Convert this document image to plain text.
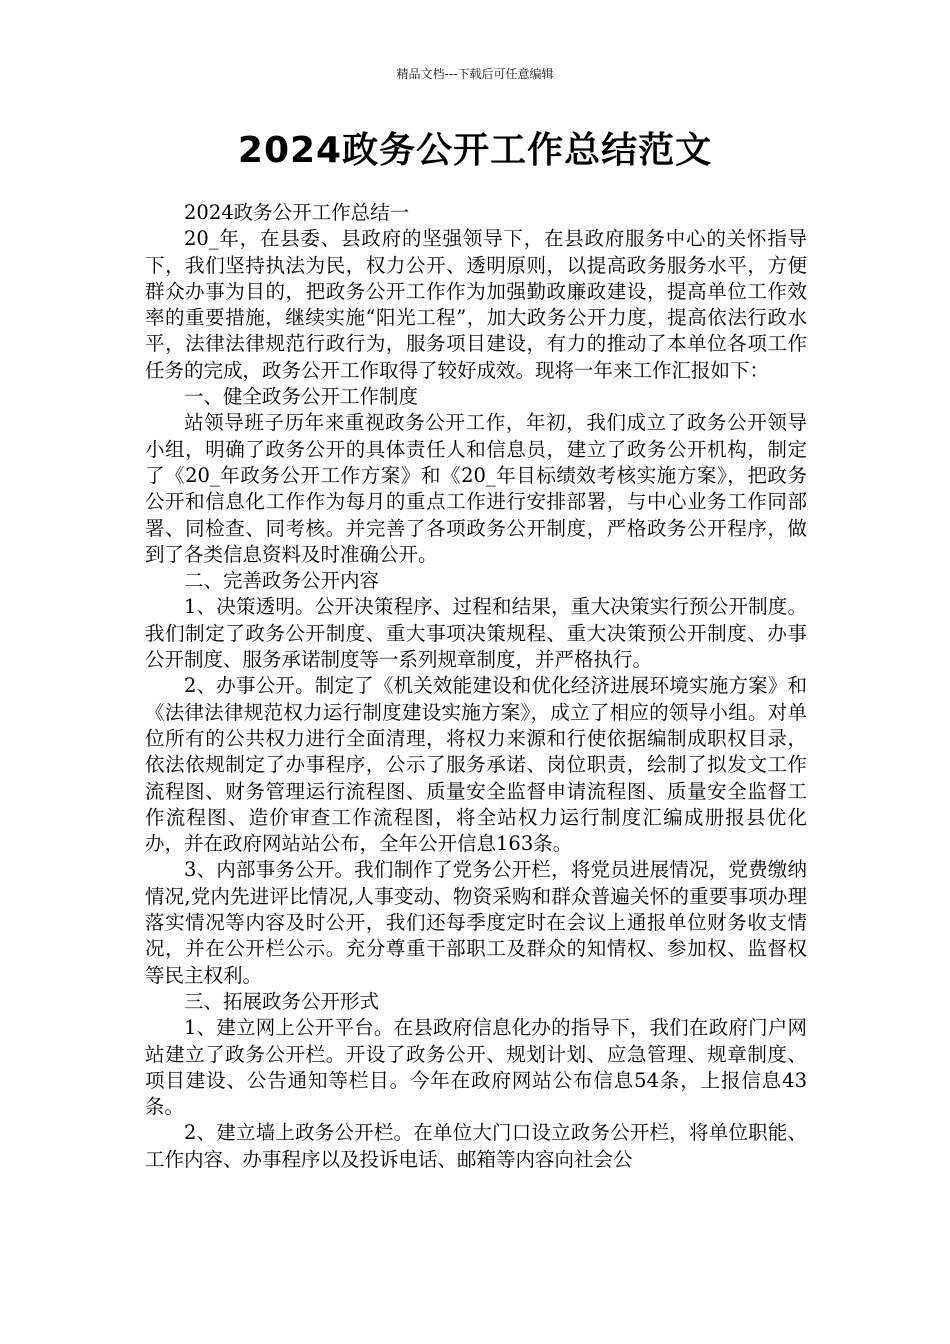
精品文档---下载后可任意编辑
2024政务公开工作总结范文

2024政务公开工作总结一

20_年，在县委、县政府的坚强领导下，在县政府服务中心的关怀指导下，我们坚持执法为民，权力公开、透明原则，以提高政务服务水平，方便群众办事为目的，把政务公开工作作为加强勤政廉政建设，提高单位工作效率的重要措施，继续实施“阳光工程”，加大政务公开力度，提高依法行政水平，法律法律规范行政行为，服务项目建设，有力的推动了本单位各项工作任务的完成，政务公开工作取得了较好成效。现将一年来工作汇报如下：

一、健全政务公开工作制度

站领导班子历年来重视政务公开工作，年初，我们成立了政务公开领导小组，明确了政务公开的具体责任人和信息员，建立了政务公开机构，制定了《20_年政务公开工作方案》和《20_年目标绩效考核实施方案》，把政务公开和信息化工作作为每月的重点工作进行安排部署，与中心业务工作同部署、同检查、同考核。并完善了各项政务公开制度，严格政务公开程序，做到了各类信息资料及时准确公开。

二、完善政务公开内容

1、决策透明。公开决策程序、过程和结果，重大决策实行预公开制度。我们制定了政务公开制度、重大事项决策规程、重大决策预公开制度、办事公开制度、服务承诺制度等一系列规章制度，并严格执行。

2、办事公开。制定了《机关效能建设和优化经济进展环境实施方案》和《法律法律规范权力运行制度建设实施方案》，成立了相应的领导小组。对单位所有的公共权力进行全面清理，将权力来源和行使依据编制成职权目录，依法依规制定了办事程序，公示了服务承诺、岗位职责，绘制了拟发文工作流程图、财务管理运行流程图、质量安全监督申请流程图、质量安全监督工作流程图、造价审查工作流程图，将全站权力运行制度汇编成册报县优化办，并在政府网站站公布，全年公开信息163条。

3、内部事务公开。我们制作了党务公开栏，将党员进展情况，党费缴纳情况,党内先进评比情况,人事变动、物资采购和群众普遍关怀的重要事项办理落实情况等内容及时公开，我们还每季度定时在会议上通报单位财务收支情况，并在公开栏公示。充分尊重干部职工及群众的知情权、参加权、监督权等民主权利。

三、拓展政务公开形式

1、建立网上公开平台。在县政府信息化办的指导下，我们在政府门户网站建立了政务公开栏。开设了政务公开、规划计划、应急管理、规章制度、项目建设、公告通知等栏目。今年在政府网站公布信息54条，上报信息43条。

2、建立墙上政务公开栏。在单位大门口设立政务公开栏，将单位职能、工作内容、办事程序以及投诉电话、邮箱等内容向社会公
